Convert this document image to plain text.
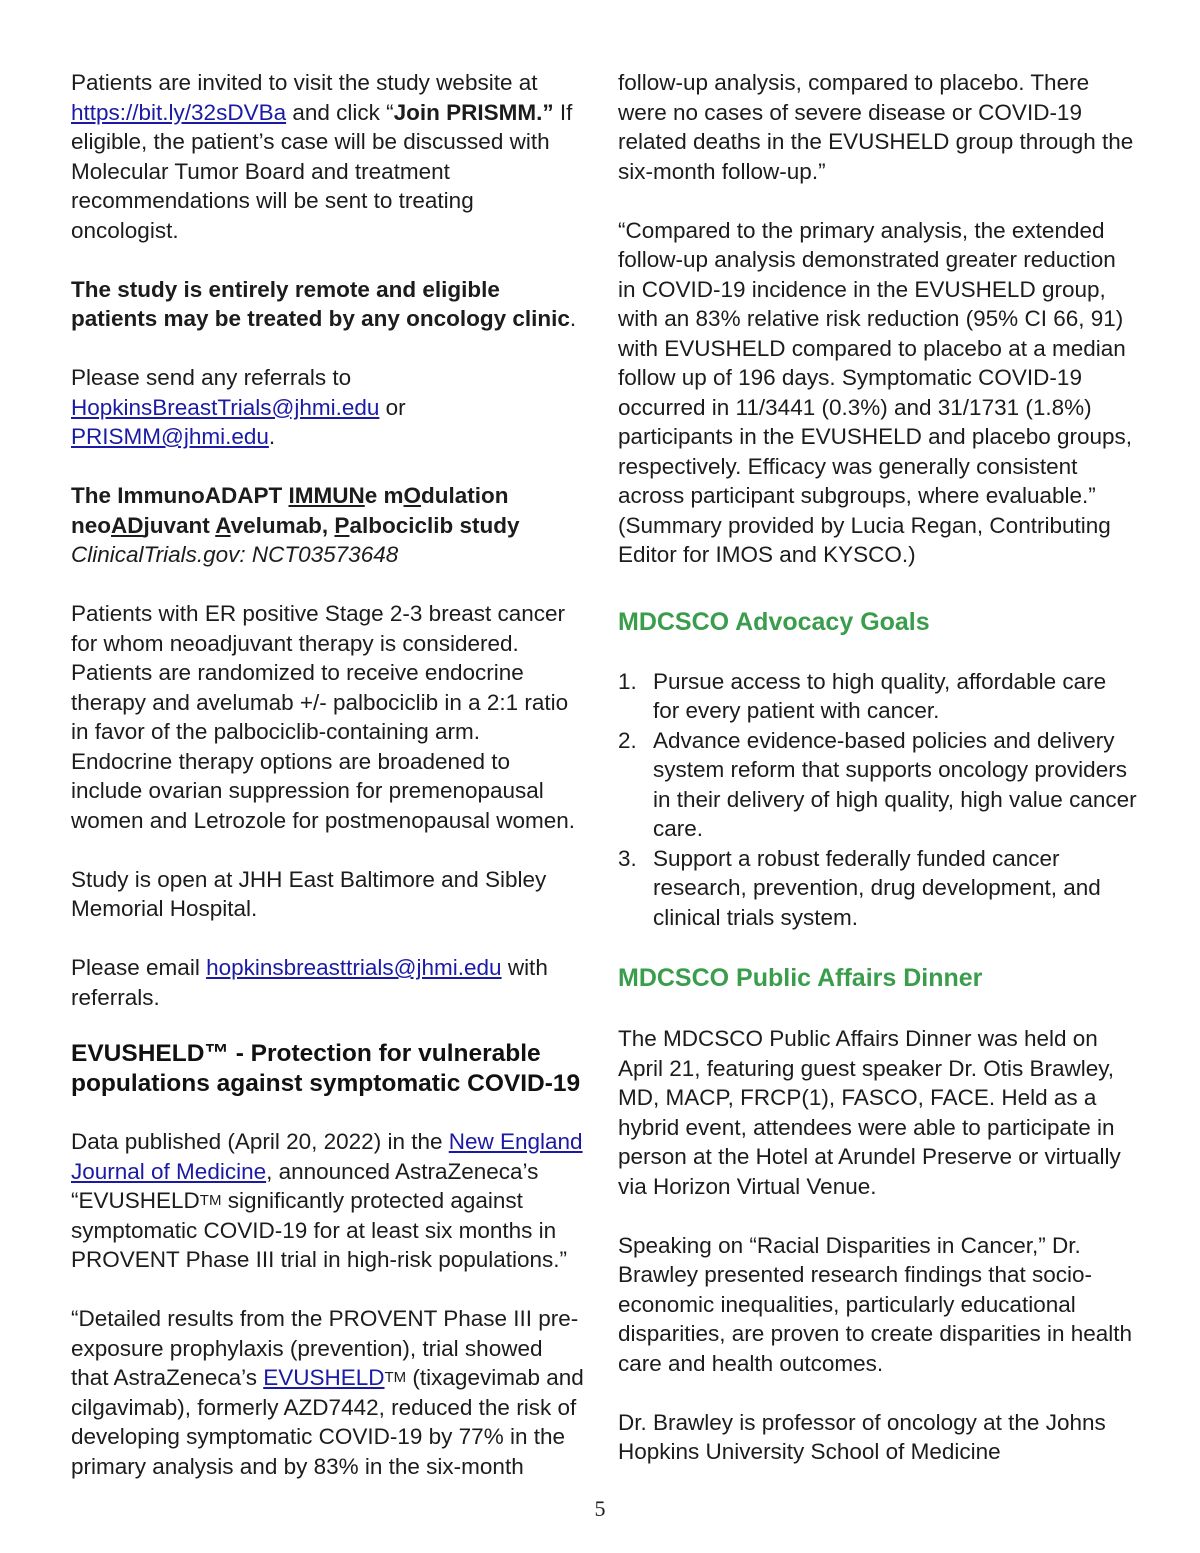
Patients are invited to visit the study website at https://bit.ly/32sDVBa and click “Join PRISMM.” If eligible, the patient’s case will be discussed with Molecular Tumor Board and treatment recommendations will be sent to treating oncologist.

The study is entirely remote and eligible patients may be treated by any oncology clinic.

Please send any referrals to HopkinsBreastTrials@jhmi.edu or PRISMM@jhmi.edu.

The ImmunoADAPT IMMUNe mOdulation neoADjuvant Avelumab, Palbociclib study

ClinicalTrials.gov: NCT03573648

Patients with ER positive Stage 2-3 breast cancer for whom neoadjuvant therapy is considered. Patients are randomized to receive endocrine therapy and avelumab +/- palbociclib in a 2:1 ratio in favor of the palbociclib-containing arm. Endocrine therapy options are broadened to include ovarian suppression for premenopausal women and Letrozole for postmenopausal women.

Study is open at JHH East Baltimore and Sibley Memorial Hospital.

Please email hopkinsbreasttrials@jhmi.edu with referrals.

EVUSHELD™ - Protection for vulnerable populations against symptomatic COVID-19

Data published (April 20, 2022) in the New England Journal of Medicine, announced AstraZeneca’s “EVUSHELDTM significantly protected against symptomatic COVID-19 for at least six months in PROVENT Phase III trial in high-risk populations.”

“Detailed results from the PROVENT Phase III pre-exposure prophylaxis (prevention), trial showed that AstraZeneca’s EVUSHELDTM (tixagevimab and cilgavimab), formerly AZD7442, reduced the risk of developing symptomatic COVID-19 by 77% in the primary analysis and by 83% in the six-month

follow-up analysis, compared to placebo. There were no cases of severe disease or COVID-19 related deaths in the EVUSHELD group through the six-month follow-up.”

“Compared to the primary analysis, the extended follow-up analysis demonstrated greater reduction in COVID-19 incidence in the EVUSHELD group, with an 83% relative risk reduction (95% CI 66, 91) with EVUSHELD compared to placebo at a median follow up of 196 days. Symptomatic COVID-19 occurred in 11/3441 (0.3%) and 31/1731 (1.8%) participants in the EVUSHELD and placebo groups, respectively. Efficacy was generally consistent across participant subgroups, where evaluable.” (Summary provided by Lucia Regan, Contributing Editor for IMOS and KYSCO.)

MDCSCO Advocacy Goals
1. Pursue access to high quality, affordable care for every patient with cancer.
2. Advance evidence-based policies and delivery system reform that supports oncology providers in their delivery of high quality, high value cancer care.
3. Support a robust federally funded cancer research, prevention, drug development, and clinical trials system.
MDCSCO Public Affairs Dinner

The MDCSCO Public Affairs Dinner was held on April 21, featuring guest speaker Dr. Otis Brawley, MD, MACP, FRCP(1), FASCO, FACE. Held as a hybrid event, attendees were able to participate in person at the Hotel at Arundel Preserve or virtually via Horizon Virtual Venue.

Speaking on “Racial Disparities in Cancer,” Dr. Brawley presented research findings that socio-economic inequalities, particularly educational disparities, are proven to create disparities in health care and health outcomes.

Dr. Brawley is professor of oncology at the Johns Hopkins University School of Medicine

5
